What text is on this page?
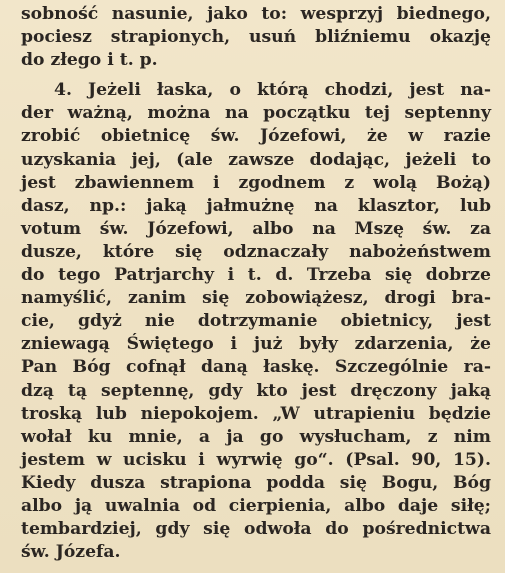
sobność nasunie, jako to: wesprzyj biednego,
pociesz strapionych, usuń bliźniemu okazję
do złego i t. p.
4. Jeżeli łaska, o którą chodzi, jest na-
der ważną, można na początku tej septenny
zrobić obietnicę św. Józefowi, że w razie
uzyskania jej, (ale zawsze dodając, jeżeli to
jest zbawiennem i zgodnem z wolą Bożą)
dasz, np.: jaką jałmużnę na klasztor, lub
votum św. Józefowi, albo na Mszę św. za
dusze, które się odznaczały nabożeństwem
do tego Patrjarchy i t. d. Trzeba się dobrze
namyślić, zanim się zobowiążesz, drogi bra-
cie, gdyż nie dotrzymanie obietnicy, jest
zniewagą Świętego i już były zdarzenia, że
Pan Bóg cofnął daną łaskę. Szczególnie ra-
dzą tą septennę, gdy kto jest dręczony jaką
troską lub niepokojem. „W utrapieniu będzie
wołał ku mnie, a ja go wysłucham, z nim
jestem w ucisku i wyrwię go“. (Psal. 90, 15).
Kiedy dusza strapiona podda się Bogu, Bóg
albo ją uwalnia od cierpienia, albo daje siłę;
tembardziej, gdy się odwoła do pośrednictwa
św. Józefa.
